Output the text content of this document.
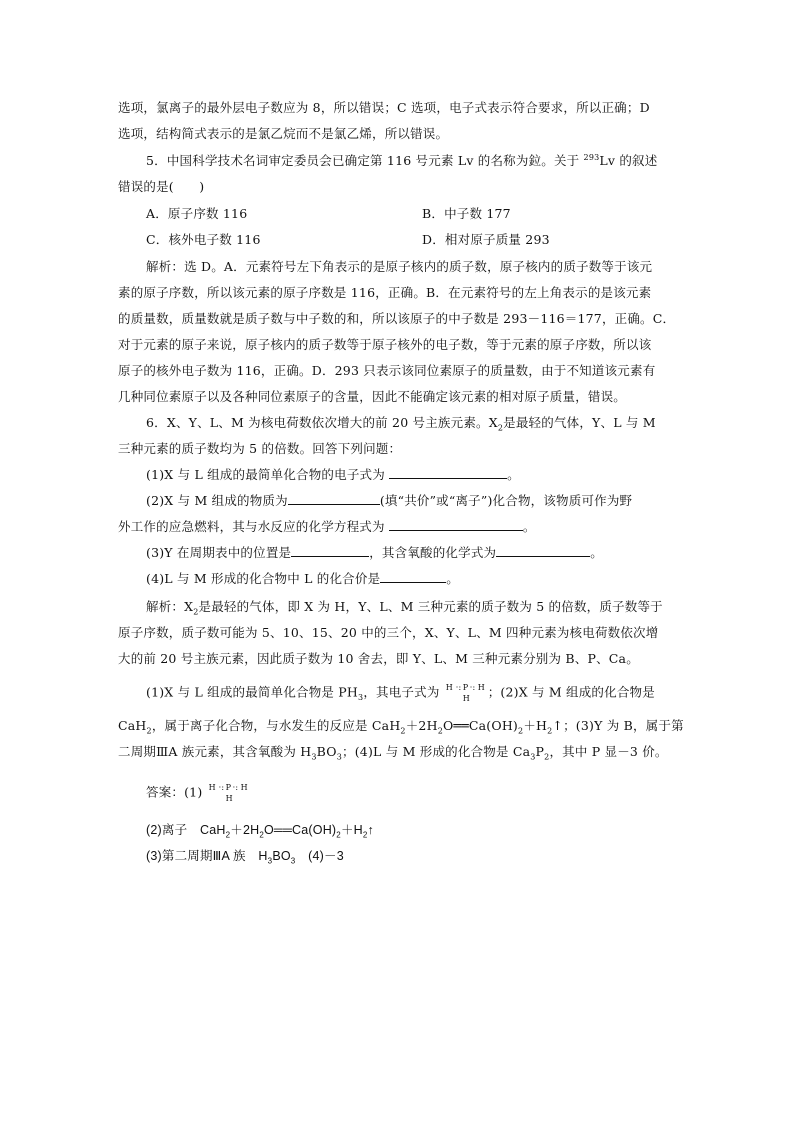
选项，氯离子的最外层电子数应为 8，所以错误；C 选项，电子式表示符合要求，所以正确；D
选项，结构简式表示的是氯乙烷而不是氯乙烯，所以错误。
5．中国科学技术名词审定委员会已确定第 116 号元素 Lv 的名称为鉝。关于 $^{293}$Lv 的叙述
错误的是(　　)
A．原子序数 116	B．中子数 177
C．核外电子数 116	D．相对原子质量 293
解析：选 D。A．元素符号左下角表示的是原子核内的质子数，原子核内的质子数等于该元
素的原子序数，所以该元素的原子序数是 116，正确。B．在元素符号的左上角表示的是该元素
的质量数，质量数就是质子数与中子数的和，所以该原子的中子数是 293－116＝177，正确。C．
对于元素的原子来说，原子核内的质子数等于原子核外的电子数，等于元素的原子序数，所以该
原子的核外电子数为 116，正确。D．293 只表示该同位素原子的质量数，由于不知道该元素有
几种同位素原子以及各种同位素原子的含量，因此不能确定该元素的相对原子质量，错误。
6．X、Y、L、M 为核电荷数依次增大的前 20 号主族元素。$X_2$是最轻的气体，Y、L 与 M
三种元素的质子数均为 5 的倍数。回答下列问题：
(1)X 与 L 组成的最简单化合物的电子式为	。
(2)X 与 M 组成的物质为	(填“共价”或“离子”)化合物，该物质可作为野
外工作的应急燃料，其与水反应的化学方程式为	。
(3)Y 在周期表中的位置是	，其含氧酸的化学式为	。
(4)L 与 M 形成的化合物中 L 的化合价是	。
解析：$X_2$是最轻的气体，即 X 为 H，Y、L、M 三种元素的质子数为 5 的倍数，质子数等于
原子序数，质子数可能为 5、10、15、20 中的三个，X、Y、L、M 四种元素为核电荷数依次增
大的前 20 号主族元素，因此质子数为 10 舍去，即 Y、L、M 三种元素分别为 B、P、Ca。
(1)X 与 L 组成的最简单化合物是 $PH_3$，其电子式为 H ·: P ·: H
H ；(2)X 与 M 组成的化合物是
CaH$_2$，属于离子化合物，与水发生的反应是 $CaH_2+2H_2O══Ca(OH)_2+H_2↑$；(3)Y 为 B，属于第
二周期ⅢA 族元素，其含氧酸为 $H_3BO_3$；(4)L 与 M 形成的化合物是 $Ca_3P_2$，其中 P 显－3 价。
答案：(1) H ·: P ·: H
H
(2)离子　$CaH_2+2H_2O══Ca(OH)_2+H_2↑$
(3)第二周期ⅢA 族　$H_3BO_3$　(4)－3
